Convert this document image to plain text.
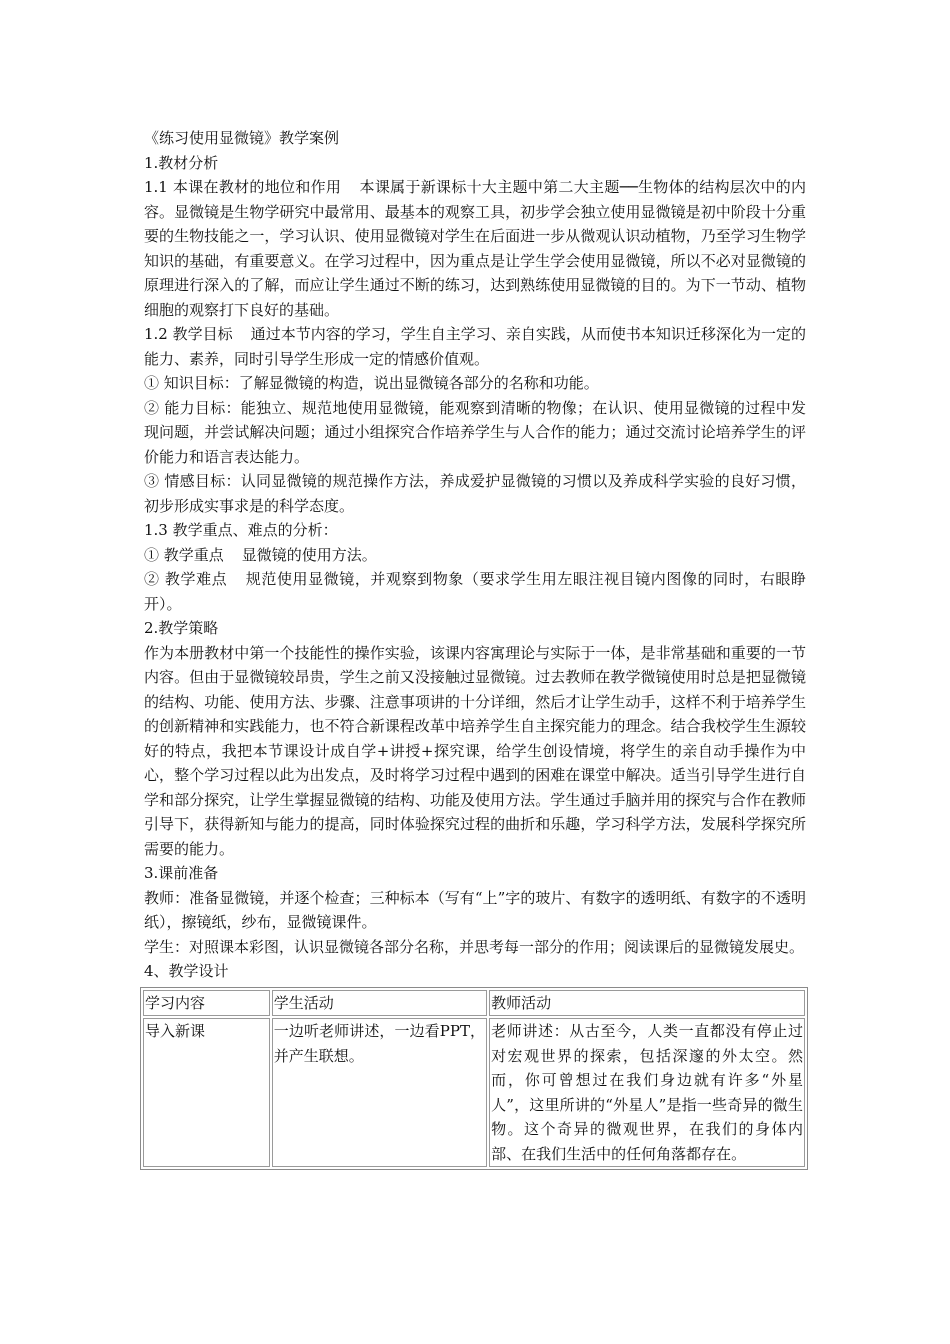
《练习使用显微镜》教学案例

1.教材分析

1.1 本课在教材的地位和作用 本课属于新课标十大主题中第二大主题──生物体的结构层次中的内容。显微镜是生物学研究中最常用、最基本的观察工具，初步学会独立使用显微镜是初中阶段十分重要的生物技能之一，学习认识、使用显微镜对学生在后面进一步从微观认识动植物，乃至学习生物学知识的基础，有重要意义。在学习过程中，因为重点是让学生学会使用显微镜，所以不必对显微镜的原理进行深入的了解，而应让学生通过不断的练习，达到熟练使用显微镜的目的。为下一节动、植物细胞的观察打下良好的基础。

1.2 教学目标 通过本节内容的学习，学生自主学习、亲自实践，从而使书本知识迁移深化为一定的能力、素养，同时引导学生形成一定的情感价值观。

① 知识目标：了解显微镜的构造，说出显微镜各部分的名称和功能。

② 能力目标：能独立、规范地使用显微镜，能观察到清晰的物像；在认识、使用显微镜的过程中发现问题，并尝试解决问题；通过小组探究合作培养学生与人合作的能力；通过交流讨论培养学生的评价能力和语言表达能力。

③ 情感目标：认同显微镜的规范操作方法，养成爱护显微镜的习惯以及养成科学实验的良好习惯，初步形成实事求是的科学态度。

1.3 教学重点、难点的分析：

① 教学重点 显微镜的使用方法。

② 教学难点 规范使用显微镜，并观察到物象（要求学生用左眼注视目镜内图像的同时，右眼睁开）。

2.教学策略

作为本册教材中第一个技能性的操作实验，该课内容寓理论与实际于一体，是非常基础和重要的一节内容。但由于显微镜较昂贵，学生之前又没接触过显微镜。过去教师在教学微镜使用时总是把显微镜的结构、功能、使用方法、步骤、注意事项讲的十分详细，然后才让学生动手，这样不利于培养学生的创新精神和实践能力，也不符合新课程改革中培养学生自主探究能力的理念。结合我校学生生源较好的特点，我把本节课设计成自学+讲授+探究课，给学生创设情境，将学生的亲自动手操作为中心，整个学习过程以此为出发点，及时将学习过程中遇到的困难在课堂中解决。适当引导学生进行自学和部分探究，让学生掌握显微镜的结构、功能及使用方法。学生通过手脑并用的探究与合作在教师引导下，获得新知与能力的提高，同时体验探究过程的曲折和乐趣，学习科学方法，发展科学探究所需要的能力。

3.课前准备

教师：准备显微镜，并逐个检查；三种标本（写有“上”字的玻片、有数字的透明纸、有数字的不透明纸），擦镜纸，纱布，显微镜课件。

学生：对照课本彩图，认识显微镜各部分名称，并思考每一部分的作用；阅读课后的显微镜发展史。

4、教学设计

学习内容	学生活动	教师活动
导入新课	一边听老师讲述，一边看PPT，并产生联想。	老师讲述：从古至今，人类一直都没有停止过对宏观世界的探索，包括深邃的外太空。然而，你可曾想过在我们身边就有许多“外星人”，这里所讲的“外星人”是指一些奇异的微生物。这个奇异的微观世界，在我们的身体内部、在我们生活中的任何角落都存在。
